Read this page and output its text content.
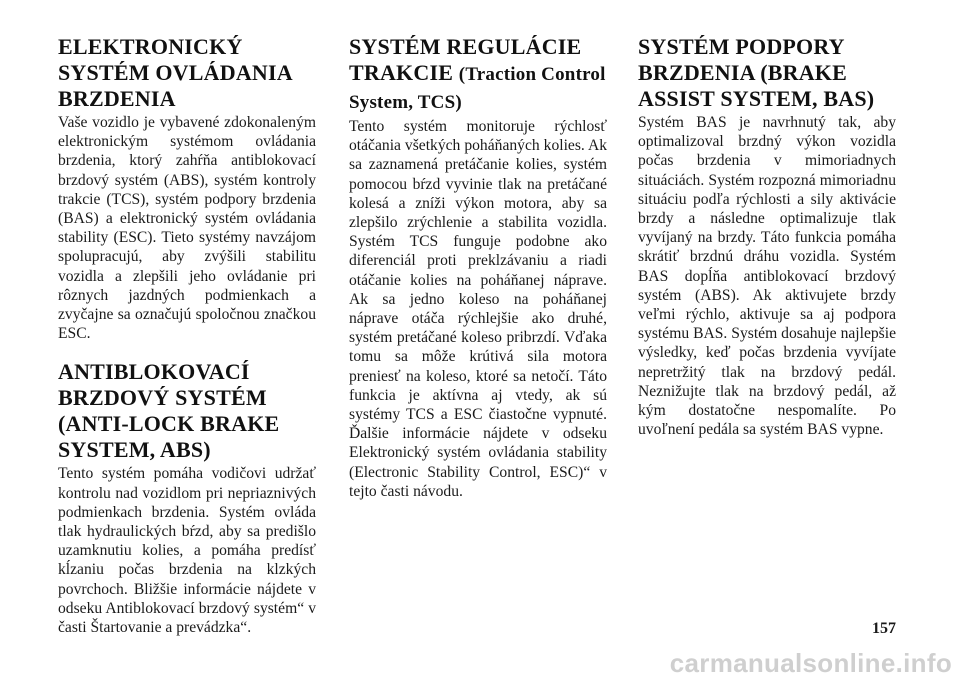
ELEKTRONICKÝ SYSTÉM OVLÁDANIA BRZDENIA

Vaše vozidlo je vybavené zdokonaleným elektronickým systémom ovládania brzdenia, ktorý zahŕňa antiblokovací brzdový systém (ABS), systém kontroly trakcie (TCS), systém podpory brzdenia (BAS) a elektronický systém ovládania stability (ESC). Tieto systémy navzájom spolupracujú, aby zvýšili stabilitu vozidla a zlepšili jeho ovládanie pri rôznych jazdných podmienkach a zvyčajne sa označujú spoločnou značkou ESC.

ANTIBLOKOVACÍ BRZDOVÝ SYSTÉM (ANTI-LOCK BRAKE SYSTEM, ABS)

Tento systém pomáha vodičovi udržať kontrolu nad vozidlom pri nepriaznivých podmienkach brzdenia. Systém ovláda tlak hydraulických bŕzd, aby sa predišlo uzamknutiu kolies, a pomáha predísť kĺzaniu počas brzdenia na klzkých povrchoch. Bližšie informácie nájdete v odseku Antiblokovací brzdový systém“ v časti Štartovanie a prevádzka“.

SYSTÉM REGULÁCIE TRAKCIE (Traction Control System, TCS)

Tento systém monitoruje rýchlosť otáčania všetkých poháňaných kolies. Ak sa zaznamená pretáčanie kolies, systém pomocou bŕzd vyvinie tlak na pretáčané kolesá a zníži výkon motora, aby sa zlepšilo zrýchlenie a stabilita vozidla. Systém TCS funguje podobne ako diferenciál proti preklzávaniu a riadi otáčanie kolies na poháňanej náprave. Ak sa jedno koleso na poháňanej náprave otáča rýchlejšie ako druhé, systém pretáčané koleso pribrzdí. Vďaka tomu sa môže krútivá sila motora preniesť na koleso, ktoré sa netočí. Táto funkcia je aktívna aj vtedy, ak sú systémy TCS a ESC čiastočne vypnuté. Ďalšie informácie nájdete v odseku Elektronický systém ovládania stability (Electronic Stability Control, ESC)“ v tejto časti návodu.

SYSTÉM PODPORY BRZDENIA (BRAKE ASSIST SYSTEM, BAS)

Systém BAS je navrhnutý tak, aby optimalizoval brzdný výkon vozidla počas brzdenia v mimoriadnych situáciách. Systém rozpozná mimoriadnu situáciu podľa rýchlosti a sily aktivácie brzdy a následne optimalizuje tlak vyvíjaný na brzdy. Táto funkcia pomáha skrátiť brzdnú dráhu vozidla. Systém BAS dopĺňa antiblokovací brzdový systém (ABS). Ak aktivujete brzdy veľmi rýchlo, aktivuje sa aj podpora systému BAS. Systém dosahuje najlepšie výsledky, keď počas brzdenia vyvíjate nepretržitý tlak na brzdový pedál. Neznižujte tlak na brzdový pedál, až kým dostatočne nespomalíte. Po uvoľnení pedála sa systém BAS vypne.

157
carmanualsonline.info
